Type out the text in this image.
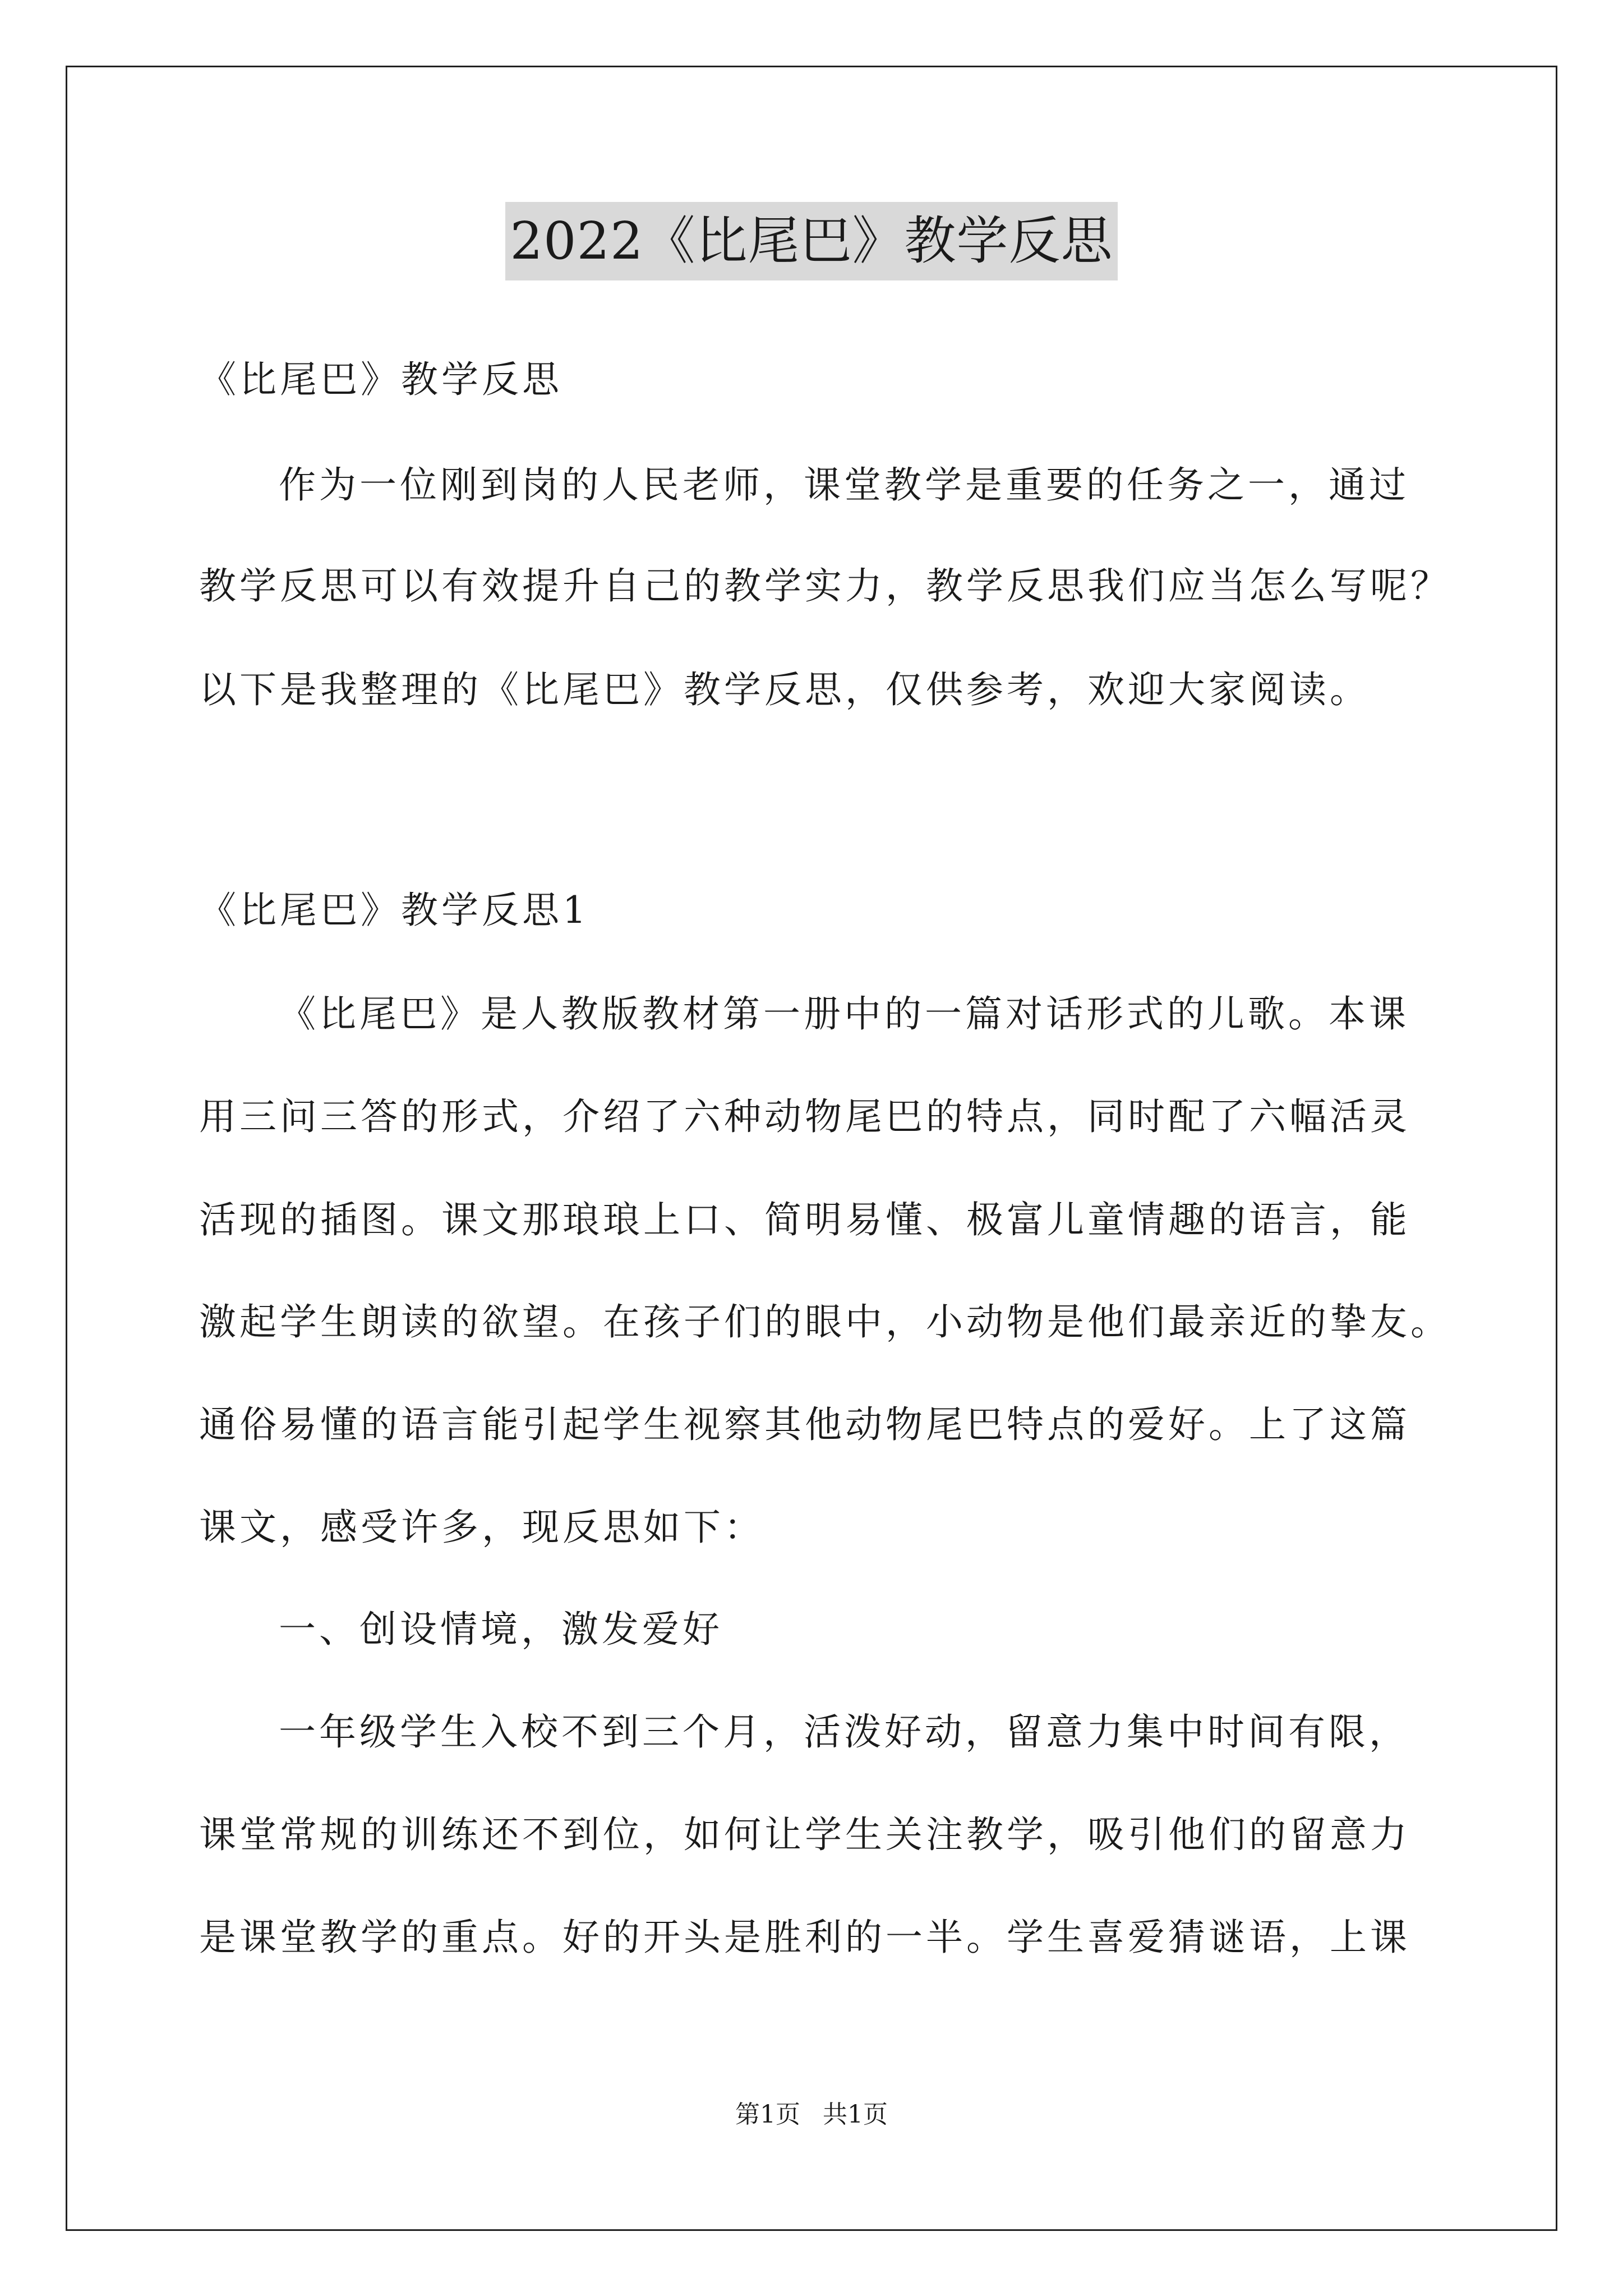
2022《比尾巴》教学反思
《比尾巴》教学反思
作为一位刚到岗的人民老师，课堂教学是重要的任务之一，通过
教学反思可以有效提升自己的教学实力，教学反思我们应当怎么写呢？
以下是我整理的《比尾巴》教学反思，仅供参考，欢迎大家阅读。
《比尾巴》教学反思1
《比尾巴》是人教版教材第一册中的一篇对话形式的儿歌。本课
用三问三答的形式，介绍了六种动物尾巴的特点，同时配了六幅活灵
活现的插图。课文那琅琅上口、简明易懂、极富儿童情趣的语言，能
激起学生朗读的欲望。在孩子们的眼中，小动物是他们最亲近的挚友。
通俗易懂的语言能引起学生视察其他动物尾巴特点的爱好。上了这篇
课文，感受许多，现反思如下：
一、创设情境，激发爱好
一年级学生入校不到三个月，活泼好动，留意力集中时间有限，
课堂常规的训练还不到位，如何让学生关注教学，吸引他们的留意力
是课堂教学的重点。好的开头是胜利的一半。学生喜爱猜谜语，上课
第1页 共1页
